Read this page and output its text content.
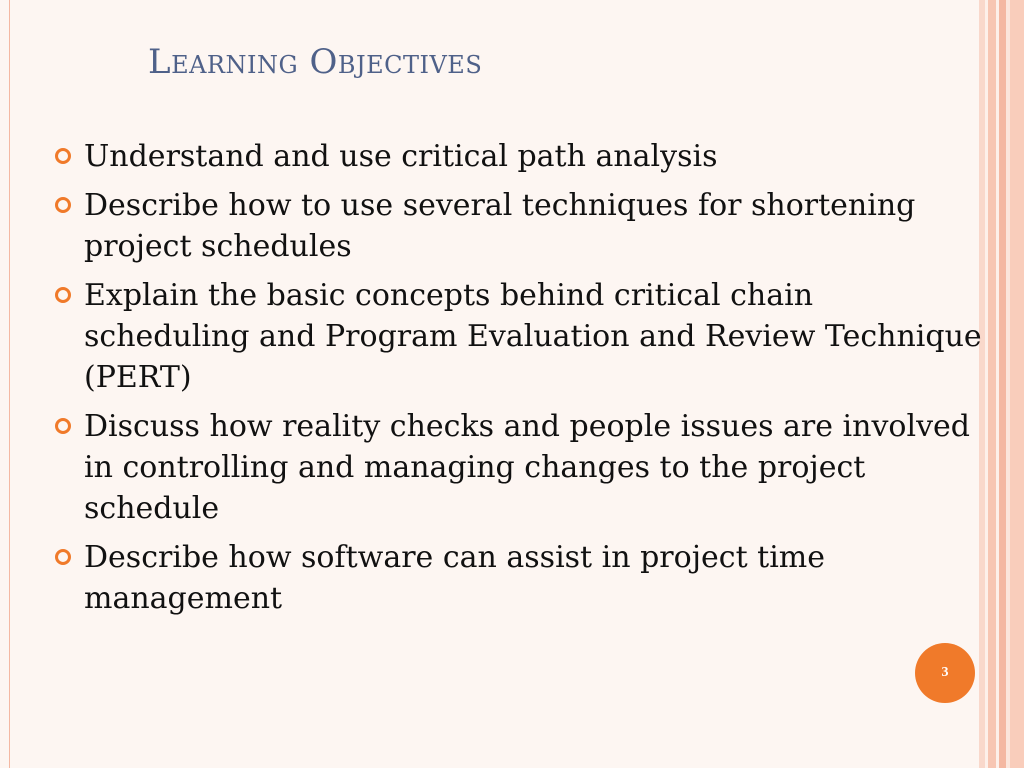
Learning Objectives
Understand and use critical path analysis
Describe how to use several techniques for shortening project schedules
Explain the basic concepts behind critical chain scheduling and Program Evaluation and Review Technique (PERT)
Discuss how reality checks and people issues are involved in controlling and managing changes to the project schedule
Describe how software can assist in project time management
3
